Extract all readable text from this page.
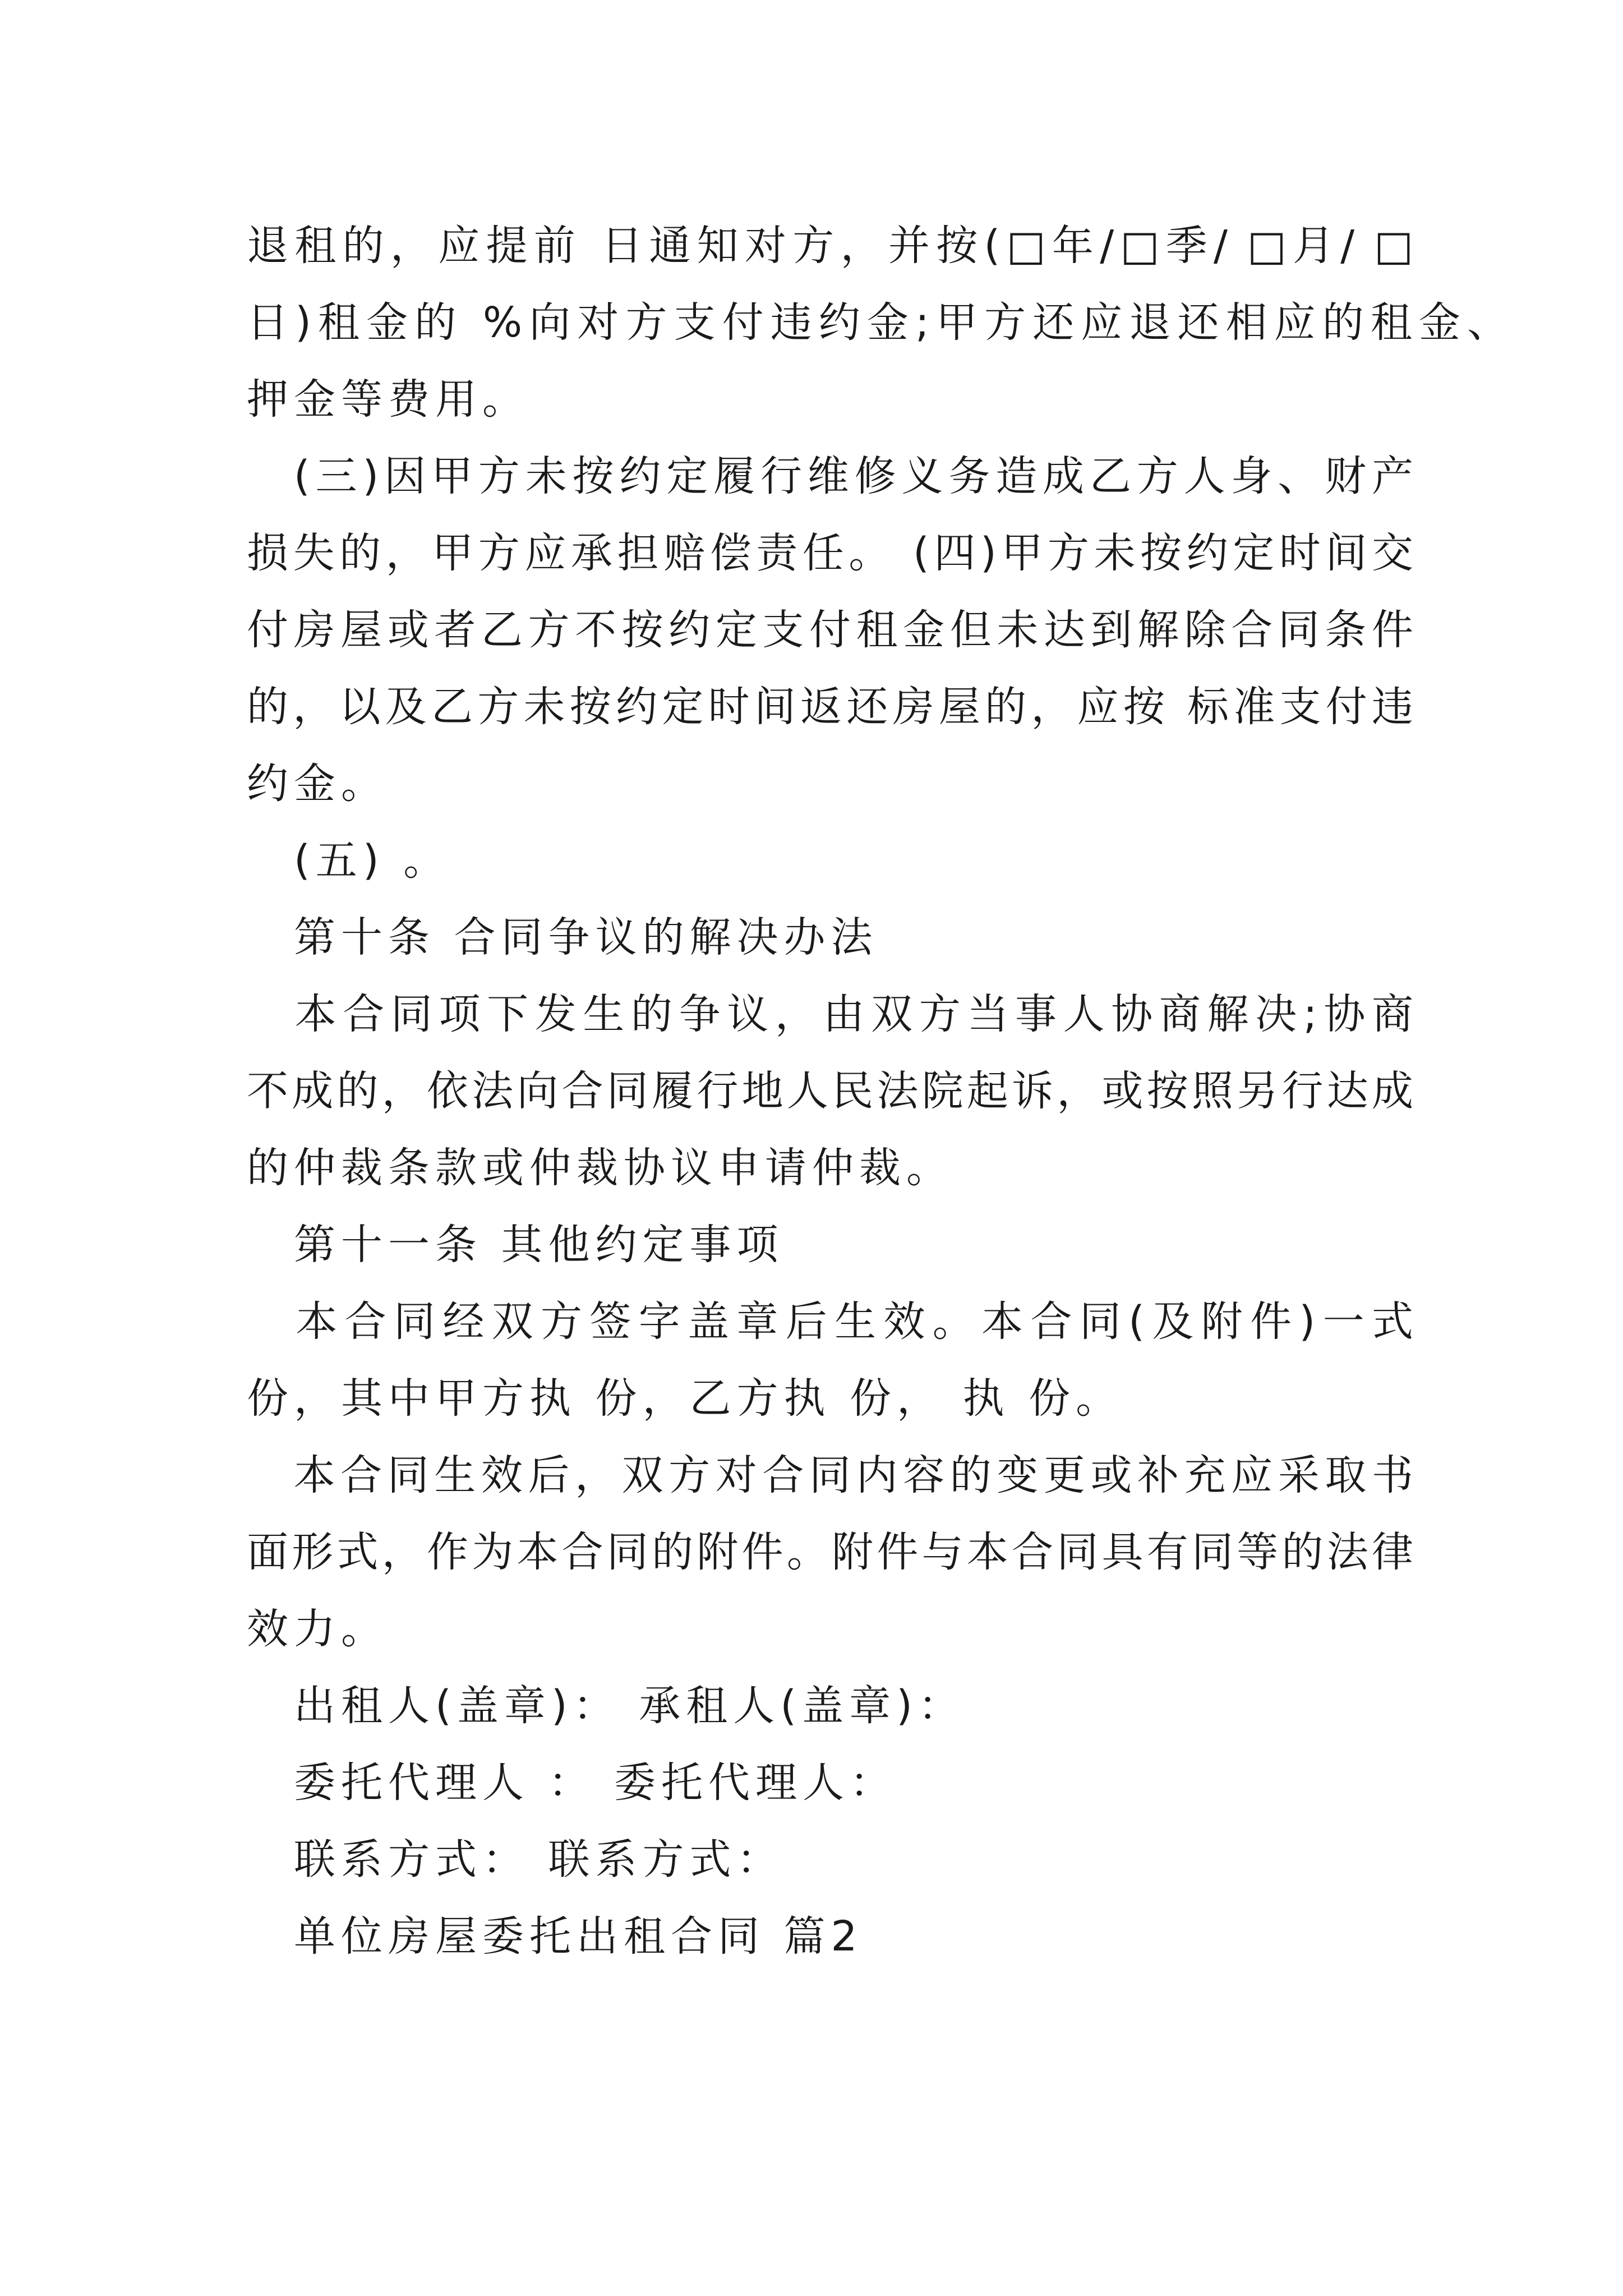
退租的，应提前 日通知对方，并按(□年/□季/ □月/ □
日)租金的 %向对方支付违约金;甲方还应退还相应的租金、
押金等费用。
　(三)因甲方未按约定履行维修义务造成乙方人身、财产
损失的，甲方应承担赔偿责任。 (四)甲方未按约定时间交
付房屋或者乙方不按约定支付租金但未达到解除合同条件
的，以及乙方未按约定时间返还房屋的，应按 标准支付违
约金。
　(五) 。
　第十条 合同争议的解决办法
　本合同项下发生的争议，由双方当事人协商解决;协商
不成的，依法向合同履行地人民法院起诉，或按照另行达成
的仲裁条款或仲裁协议申请仲裁。
　第十一条 其他约定事项
　本合同经双方签字盖章后生效。本合同(及附件)一式
份，其中甲方执 份，乙方执 份， 执 份。
　本合同生效后，双方对合同内容的变更或补充应采取书
面形式，作为本合同的附件。附件与本合同具有同等的法律
效力。
　出租人(盖章)： 承租人(盖章)：
　委托代理人 ： 委托代理人：
　联系方式： 联系方式：
　单位房屋委托出租合同 篇2
